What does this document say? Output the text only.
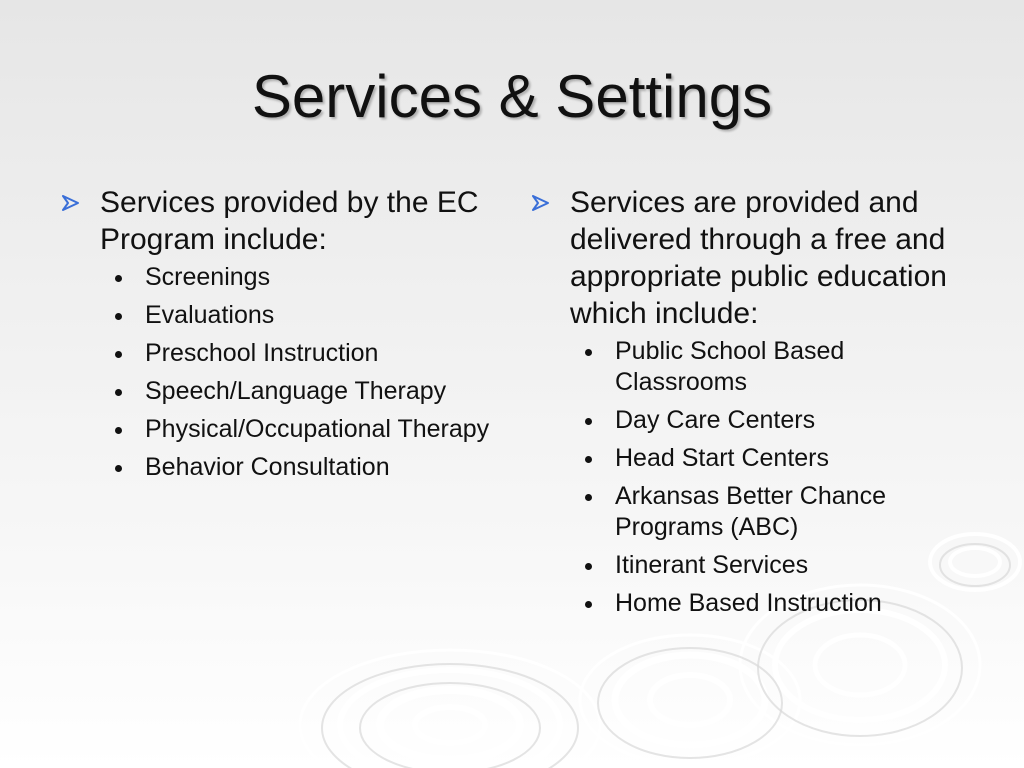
Services & Settings

Services provided by the EC Program include:

Screenings
Evaluations
Preschool Instruction
Speech/Language Therapy
Physical/Occupational Therapy
Behavior Consultation

Services are provided and delivered through a free and appropriate public education which include:

Public School Based Classrooms
Day Care Centers
Head Start Centers
Arkansas Better Chance Programs (ABC)
Itinerant Services
Home Based Instruction
